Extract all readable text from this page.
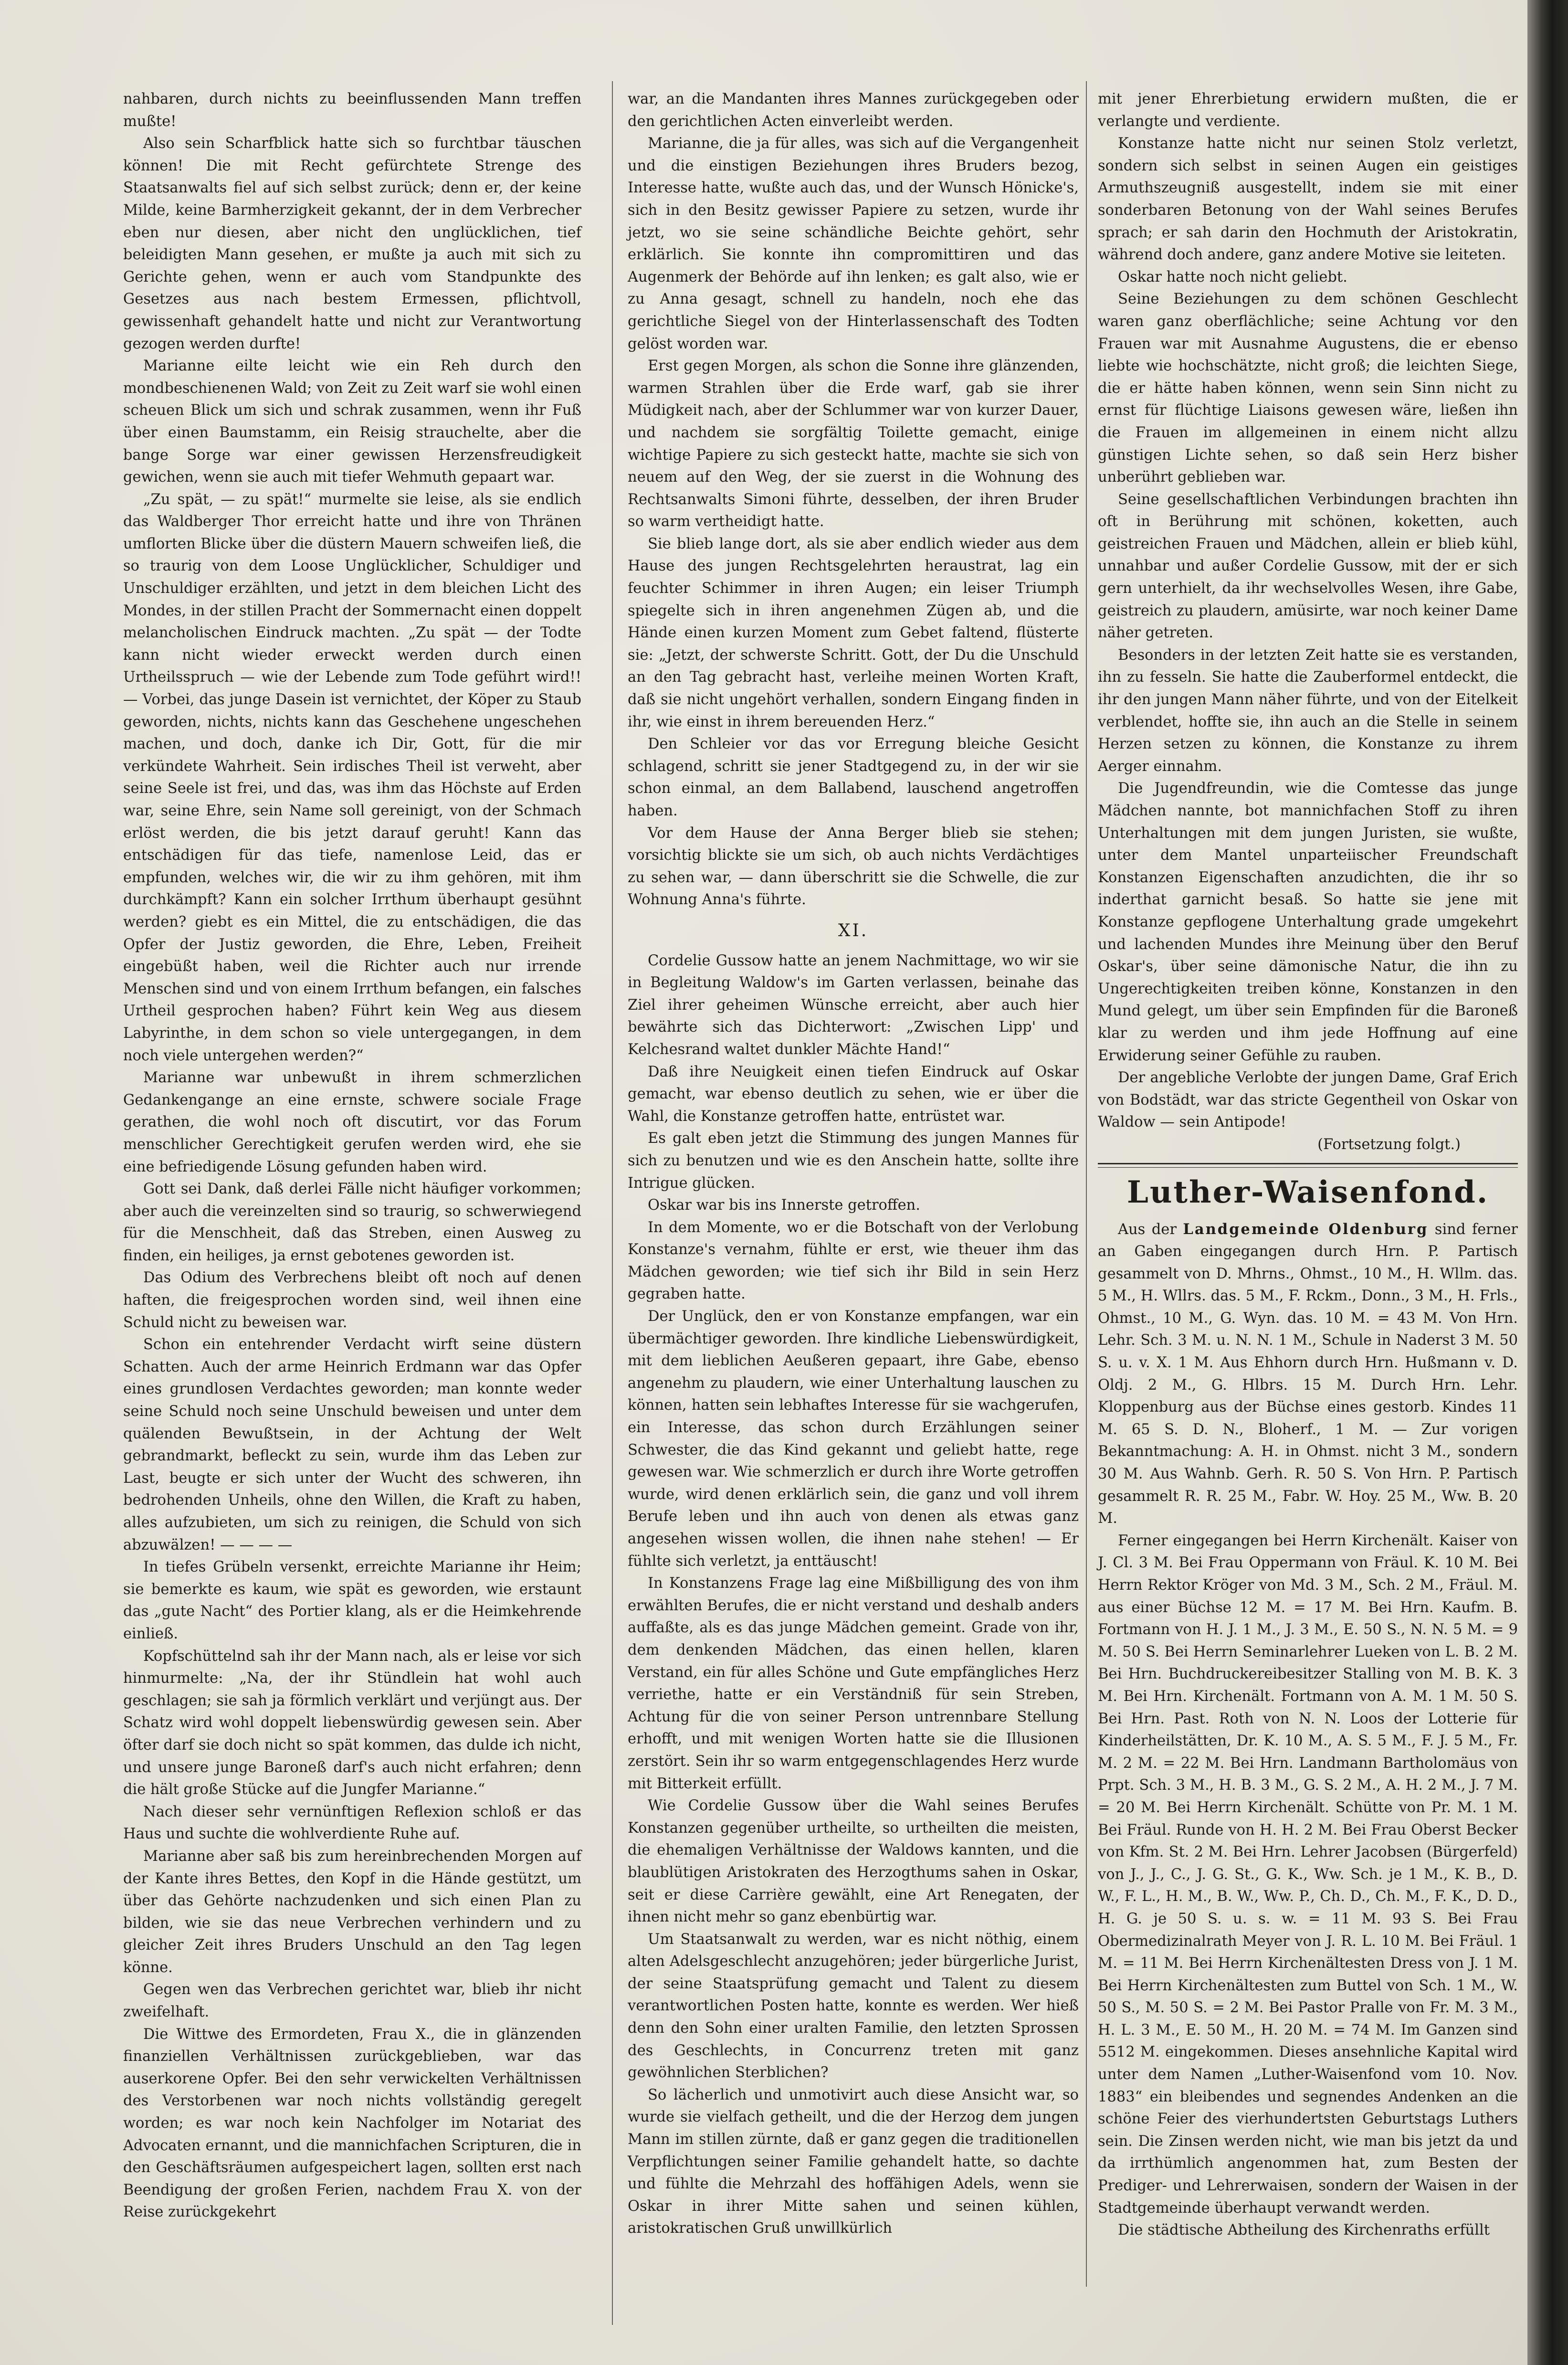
nahbaren, durch nichts zu beeinflussenden Mann treffen mußte!

Also sein Scharfblick hatte sich so furchtbar täuschen können! Die mit Recht gefürchtete Strenge des Staatsanwalts fiel auf sich selbst zurück; denn er, der keine Milde, keine Barmherzigkeit gekannt, der in dem Verbrecher eben nur diesen, aber nicht den unglücklichen, tief beleidigten Mann gesehen, er mußte ja auch mit sich zu Gerichte gehen, wenn er auch vom Standpunkte des Gesetzes aus nach bestem Ermessen, pflichtvoll, gewissenhaft gehandelt hatte und nicht zur Verantwortung gezogen werden durfte!

Marianne eilte leicht wie ein Reh durch den mondbeschienenen Wald; von Zeit zu Zeit warf sie wohl einen scheuen Blick um sich und schrak zusammen, wenn ihr Fuß über einen Baumstamm, ein Reisig strauchelte, aber die bange Sorge war einer gewissen Herzensfreudigkeit gewichen, wenn sie auch mit tiefer Wehmuth gepaart war.

„Zu spät, — zu spät!“ murmelte sie leise, als sie endlich das Waldberger Thor erreicht hatte und ihre von Thränen umflorten Blicke über die düstern Mauern schweifen ließ, die so traurig von dem Loose Unglücklicher, Schuldiger und Unschuldiger erzählten, und jetzt in dem bleichen Licht des Mondes, in der stillen Pracht der Sommernacht einen doppelt melancholischen Eindruck machten. „Zu spät — der Todte kann nicht wieder erweckt werden durch einen Urtheilsspruch — wie der Lebende zum Tode geführt wird!! — Vorbei, das junge Dasein ist vernichtet, der Köper zu Staub geworden, nichts, nichts kann das Geschehene ungeschehen machen, und doch, danke ich Dir, Gott, für die mir verkündete Wahrheit. Sein irdisches Theil ist verweht, aber seine Seele ist frei, und das, was ihm das Höchste auf Erden war, seine Ehre, sein Name soll gereinigt, von der Schmach erlöst werden, die bis jetzt darauf geruht! Kann das entschädigen für das tiefe, namenlose Leid, das er empfunden, welches wir, die wir zu ihm gehören, mit ihm durchkämpft? Kann ein solcher Irrthum überhaupt gesühnt werden? giebt es ein Mittel, die zu entschädigen, die das Opfer der Justiz geworden, die Ehre, Leben, Freiheit eingebüßt haben, weil die Richter auch nur irrende Menschen sind und von einem Irrthum befangen, ein falsches Urtheil gesprochen haben? Führt kein Weg aus diesem Labyrinthe, in dem schon so viele untergegangen, in dem noch viele untergehen werden?“

Marianne war unbewußt in ihrem schmerzlichen Gedankengange an eine ernste, schwere sociale Frage gerathen, die wohl noch oft discutirt, vor das Forum menschlicher Gerechtigkeit gerufen werden wird, ehe sie eine befriedigende Lösung gefunden haben wird.

Gott sei Dank, daß derlei Fälle nicht häufiger vorkommen; aber auch die vereinzelten sind so traurig, so schwerwiegend für die Menschheit, daß das Streben, einen Ausweg zu finden, ein heiliges, ja ernst gebotenes geworden ist.

Das Odium des Verbrechens bleibt oft noch auf denen haften, die freigesprochen worden sind, weil ihnen eine Schuld nicht zu beweisen war.

Schon ein entehrender Verdacht wirft seine düstern Schatten. Auch der arme Heinrich Erdmann war das Opfer eines grundlosen Verdachtes geworden; man konnte weder seine Schuld noch seine Unschuld beweisen und unter dem quälenden Bewußtsein, in der Achtung der Welt gebrandmarkt, befleckt zu sein, wurde ihm das Leben zur Last, beugte er sich unter der Wucht des schweren, ihn bedrohenden Unheils, ohne den Willen, die Kraft zu haben, alles aufzubieten, um sich zu reinigen, die Schuld von sich abzuwälzen! — — — —

In tiefes Grübeln versenkt, erreichte Marianne ihr Heim; sie bemerkte es kaum, wie spät es geworden, wie erstaunt das „gute Nacht“ des Portier klang, als er die Heimkehrende einließ.

Kopfschüttelnd sah ihr der Mann nach, als er leise vor sich hinmurmelte: „Na, der ihr Stündlein hat wohl auch geschlagen; sie sah ja förmlich verklärt und verjüngt aus. Der Schatz wird wohl doppelt liebenswürdig gewesen sein. Aber öfter darf sie doch nicht so spät kommen, das dulde ich nicht, und unsere junge Baroneß darf's auch nicht erfahren; denn die hält große Stücke auf die Jungfer Marianne.“

Nach dieser sehr vernünftigen Reflexion schloß er das Haus und suchte die wohlverdiente Ruhe auf.

Marianne aber saß bis zum hereinbrechenden Morgen auf der Kante ihres Bettes, den Kopf in die Hände gestützt, um über das Gehörte nachzudenken und sich einen Plan zu bilden, wie sie das neue Verbrechen verhindern und zu gleicher Zeit ihres Bruders Unschuld an den Tag legen könne.

Gegen wen das Verbrechen gerichtet war, blieb ihr nicht zweifelhaft.

Die Wittwe des Ermordeten, Frau X., die in glänzenden finanziellen Verhältnissen zurückgeblieben, war das auserkorene Opfer. Bei den sehr verwickelten Verhältnissen des Verstorbenen war noch nichts vollständig geregelt worden; es war noch kein Nachfolger im Notariat des Advocaten ernannt, und die mannichfachen Scripturen, die in den Geschäftsräumen aufgespeichert lagen, sollten erst nach Beendigung der großen Ferien, nachdem Frau X. von der Reise zurückgekehrt

war, an die Mandanten ihres Mannes zurückgegeben oder den gerichtlichen Acten einverleibt werden.

Marianne, die ja für alles, was sich auf die Vergangenheit und die einstigen Beziehungen ihres Bruders bezog, Interesse hatte, wußte auch das, und der Wunsch Hönicke's, sich in den Besitz gewisser Papiere zu setzen, wurde ihr jetzt, wo sie seine schändliche Beichte gehört, sehr erklärlich. Sie konnte ihn compromittiren und das Augenmerk der Behörde auf ihn lenken; es galt also, wie er zu Anna gesagt, schnell zu handeln, noch ehe das gerichtliche Siegel von der Hinterlassenschaft des Todten gelöst worden war.

Erst gegen Morgen, als schon die Sonne ihre glänzenden, warmen Strahlen über die Erde warf, gab sie ihrer Müdigkeit nach, aber der Schlummer war von kurzer Dauer, und nachdem sie sorgfältig Toilette gemacht, einige wichtige Papiere zu sich gesteckt hatte, machte sie sich von neuem auf den Weg, der sie zuerst in die Wohnung des Rechtsanwalts Simoni führte, desselben, der ihren Bruder so warm vertheidigt hatte.

Sie blieb lange dort, als sie aber endlich wieder aus dem Hause des jungen Rechtsgelehrten heraustrat, lag ein feuchter Schimmer in ihren Augen; ein leiser Triumph spiegelte sich in ihren angenehmen Zügen ab, und die Hände einen kurzen Moment zum Gebet faltend, flüsterte sie: „Jetzt, der schwerste Schritt. Gott, der Du die Unschuld an den Tag gebracht hast, verleihe meinen Worten Kraft, daß sie nicht ungehört verhallen, sondern Eingang finden in ihr, wie einst in ihrem bereuenden Herz.“

Den Schleier vor das vor Erregung bleiche Gesicht schlagend, schritt sie jener Stadtgegend zu, in der wir sie schon einmal, an dem Ballabend, lauschend angetroffen haben.

Vor dem Hause der Anna Berger blieb sie stehen; vorsichtig blickte sie um sich, ob auch nichts Verdächtiges zu sehen war, — dann überschritt sie die Schwelle, die zur Wohnung Anna's führte.

XI.

Cordelie Gussow hatte an jenem Nachmittage, wo wir sie in Begleitung Waldow's im Garten verlassen, beinahe das Ziel ihrer geheimen Wünsche erreicht, aber auch hier bewährte sich das Dichterwort: „Zwischen Lipp' und Kelchesrand waltet dunkler Mächte Hand!“

Daß ihre Neuigkeit einen tiefen Eindruck auf Oskar gemacht, war ebenso deutlich zu sehen, wie er über die Wahl, die Konstanze getroffen hatte, entrüstet war.

Es galt eben jetzt die Stimmung des jungen Mannes für sich zu benutzen und wie es den Anschein hatte, sollte ihre Intrigue glücken.

Oskar war bis ins Innerste getroffen.

In dem Momente, wo er die Botschaft von der Verlobung Konstanze's vernahm, fühlte er erst, wie theuer ihm das Mädchen geworden; wie tief sich ihr Bild in sein Herz gegraben hatte.

Der Unglück, den er von Konstanze empfangen, war ein übermächtiger geworden. Ihre kindliche Liebenswürdigkeit, mit dem lieblichen Aeußeren gepaart, ihre Gabe, ebenso angenehm zu plaudern, wie einer Unterhaltung lauschen zu können, hatten sein lebhaftes Interesse für sie wachgerufen, ein Interesse, das schon durch Erzählungen seiner Schwester, die das Kind gekannt und geliebt hatte, rege gewesen war. Wie schmerzlich er durch ihre Worte getroffen wurde, wird denen erklärlich sein, die ganz und voll ihrem Berufe leben und ihn auch von denen als etwas ganz angesehen wissen wollen, die ihnen nahe stehen! — Er fühlte sich verletzt, ja enttäuscht!

In Konstanzens Frage lag eine Mißbilligung des von ihm erwählten Berufes, die er nicht verstand und deshalb anders auffaßte, als es das junge Mädchen gemeint. Grade von ihr, dem denkenden Mädchen, das einen hellen, klaren Verstand, ein für alles Schöne und Gute empfängliches Herz verriethe, hatte er ein Verständniß für sein Streben, Achtung für die von seiner Person untrennbare Stellung erhofft, und mit wenigen Worten hatte sie die Illusionen zerstört. Sein ihr so warm entgegenschlagendes Herz wurde mit Bitterkeit erfüllt.

Wie Cordelie Gussow über die Wahl seines Berufes Konstanzen gegenüber urtheilte, so urtheilten die meisten, die ehemaligen Verhältnisse der Waldows kannten, und die blaublütigen Aristokraten des Herzogthums sahen in Oskar, seit er diese Carrière gewählt, eine Art Renegaten, der ihnen nicht mehr so ganz ebenbürtig war.

Um Staatsanwalt zu werden, war es nicht nöthig, einem alten Adelsgeschlecht anzugehören; jeder bürgerliche Jurist, der seine Staatsprüfung gemacht und Talent zu diesem verantwortlichen Posten hatte, konnte es werden. Wer hieß denn den Sohn einer uralten Familie, den letzten Sprossen des Geschlechts, in Concurrenz treten mit ganz gewöhnlichen Sterblichen?

So lächerlich und unmotivirt auch diese Ansicht war, so wurde sie vielfach getheilt, und die der Herzog dem jungen Mann im stillen zürnte, daß er ganz gegen die traditionellen Verpflichtungen seiner Familie gehandelt hatte, so dachte und fühlte die Mehrzahl des hoffähigen Adels, wenn sie Oskar in ihrer Mitte sahen und seinen kühlen, aristokratischen Gruß unwillkürlich

mit jener Ehrerbietung erwidern mußten, die er verlangte und verdiente.

Konstanze hatte nicht nur seinen Stolz verletzt, sondern sich selbst in seinen Augen ein geistiges Armuthszeugniß ausgestellt, indem sie mit einer sonderbaren Betonung von der Wahl seines Berufes sprach; er sah darin den Hochmuth der Aristokratin, während doch andere, ganz andere Motive sie leiteten.

Oskar hatte noch nicht geliebt.

Seine Beziehungen zu dem schönen Geschlecht waren ganz oberflächliche; seine Achtung vor den Frauen war mit Ausnahme Augustens, die er ebenso liebte wie hochschätzte, nicht groß; die leichten Siege, die er hätte haben können, wenn sein Sinn nicht zu ernst für flüchtige Liaisons gewesen wäre, ließen ihn die Frauen im allgemeinen in einem nicht allzu günstigen Lichte sehen, so daß sein Herz bisher unberührt geblieben war.

Seine gesellschaftlichen Verbindungen brachten ihn oft in Berührung mit schönen, koketten, auch geistreichen Frauen und Mädchen, allein er blieb kühl, unnahbar und außer Cordelie Gussow, mit der er sich gern unterhielt, da ihr wechselvolles Wesen, ihre Gabe, geistreich zu plaudern, amüsirte, war noch keiner Dame näher getreten.

Besonders in der letzten Zeit hatte sie es verstanden, ihn zu fesseln. Sie hatte die Zauberformel entdeckt, die ihr den jungen Mann näher führte, und von der Eitelkeit verblendet, hoffte sie, ihn auch an die Stelle in seinem Herzen setzen zu können, die Konstanze zu ihrem Aerger einnahm.

Die Jugendfreundin, wie die Comtesse das junge Mädchen nannte, bot mannichfachen Stoff zu ihren Unterhaltungen mit dem jungen Juristen, sie wußte, unter dem Mantel unparteiischer Freundschaft Konstanzen Eigenschaften anzudichten, die ihr so inderthat garnicht besaß. So hatte sie jene mit Konstanze gepflogene Unterhaltung grade umgekehrt und lachenden Mundes ihre Meinung über den Beruf Oskar's, über seine dämonische Natur, die ihn zu Ungerechtigkeiten treiben könne, Konstanzen in den Mund gelegt, um über sein Empfinden für die Baroneß klar zu werden und ihm jede Hoffnung auf eine Erwiderung seiner Gefühle zu rauben.

Der angebliche Verlobte der jungen Dame, Graf Erich von Bodstädt, war das stricte Gegentheil von Oskar von Waldow — sein Antipode!

(Fortsetzung folgt.)

Luther-Waisenfond.

Aus der Landgemeinde Oldenburg sind ferner an Gaben eingegangen durch Hrn. P. Partisch gesammelt von D. Mhrns., Ohmst., 10 M., H. Wllm. das. 5 M., H. Wllrs. das. 5 M., F. Rckm., Donn., 3 M., H. Frls., Ohmst., 10 M., G. Wyn. das. 10 M. = 43 M. Von Hrn. Lehr. Sch. 3 M. u. N. N. 1 M., Schule in Naderst 3 M. 50 S. u. v. X. 1 M. Aus Ehhorn durch Hrn. Hußmann v. D. Oldj. 2 M., G. Hlbrs. 15 M. Durch Hrn. Lehr. Kloppenburg aus der Büchse eines gestorb. Kindes 11 M. 65 S. D. N., Bloherf., 1 M. — Zur vorigen Bekanntmachung: A. H. in Ohmst. nicht 3 M., sondern 30 M. Aus Wahnb. Gerh. R. 50 S. Von Hrn. P. Partisch gesammelt R. R. 25 M., Fabr. W. Hoy. 25 M., Ww. B. 20 M.

Ferner eingegangen bei Herrn Kirchenält. Kaiser von J. Cl. 3 M. Bei Frau Oppermann von Fräul. K. 10 M. Bei Herrn Rektor Kröger von Md. 3 M., Sch. 2 M., Fräul. M. aus einer Büchse 12 M. = 17 M. Bei Hrn. Kaufm. B. Fortmann von H. J. 1 M., J. 3 M., E. 50 S., N. N. 5 M. = 9 M. 50 S. Bei Herrn Seminarlehrer Lueken von L. B. 2 M. Bei Hrn. Buchdruckereibesitzer Stalling von M. B. K. 3 M. Bei Hrn. Kirchenält. Fortmann von A. M. 1 M. 50 S. Bei Hrn. Past. Roth von N. N. Loos der Lotterie für Kinderheilstätten, Dr. K. 10 M., A. S. 5 M., F. J. 5 M., Fr. M. 2 M. = 22 M. Bei Hrn. Landmann Bartholomäus von Prpt. Sch. 3 M., H. B. 3 M., G. S. 2 M., A. H. 2 M., J. 7 M. = 20 M. Bei Herrn Kirchenält. Schütte von Pr. M. 1 M. Bei Fräul. Runde von H. H. 2 M. Bei Frau Oberst Becker von Kfm. St. 2 M. Bei Hrn. Lehrer Jacobsen (Bürgerfeld) von J., J., C., J. G. St., G. K., Ww. Sch. je 1 M., K. B., D. W., F. L., H. M., B. W., Ww. P., Ch. D., Ch. M., F. K., D. D., H. G. je 50 S. u. s. w. = 11 M. 93 S. Bei Frau Obermedizinalrath Meyer von J. R. L. 10 M. Bei Fräul. 1 M. = 11 M. Bei Herrn Kirchenältesten Dress von J. 1 M. Bei Herrn Kirchenältesten zum Buttel von Sch. 1 M., W. 50 S., M. 50 S. = 2 M. Bei Pastor Pralle von Fr. M. 3 M., H. L. 3 M., E. 50 M., H. 20 M. = 74 M. Im Ganzen sind 5512 M. eingekommen. Dieses ansehnliche Kapital wird unter dem Namen „Luther-Waisenfond vom 10. Nov. 1883“ ein bleibendes und segnendes Andenken an die schöne Feier des vierhundertsten Geburtstags Luthers sein. Die Zinsen werden nicht, wie man bis jetzt da und da irrthümlich angenommen hat, zum Besten der Prediger- und Lehrerwaisen, sondern der Waisen in der Stadtgemeinde überhaupt verwandt werden.

Die städtische Abtheilung des Kirchenraths erfüllt
